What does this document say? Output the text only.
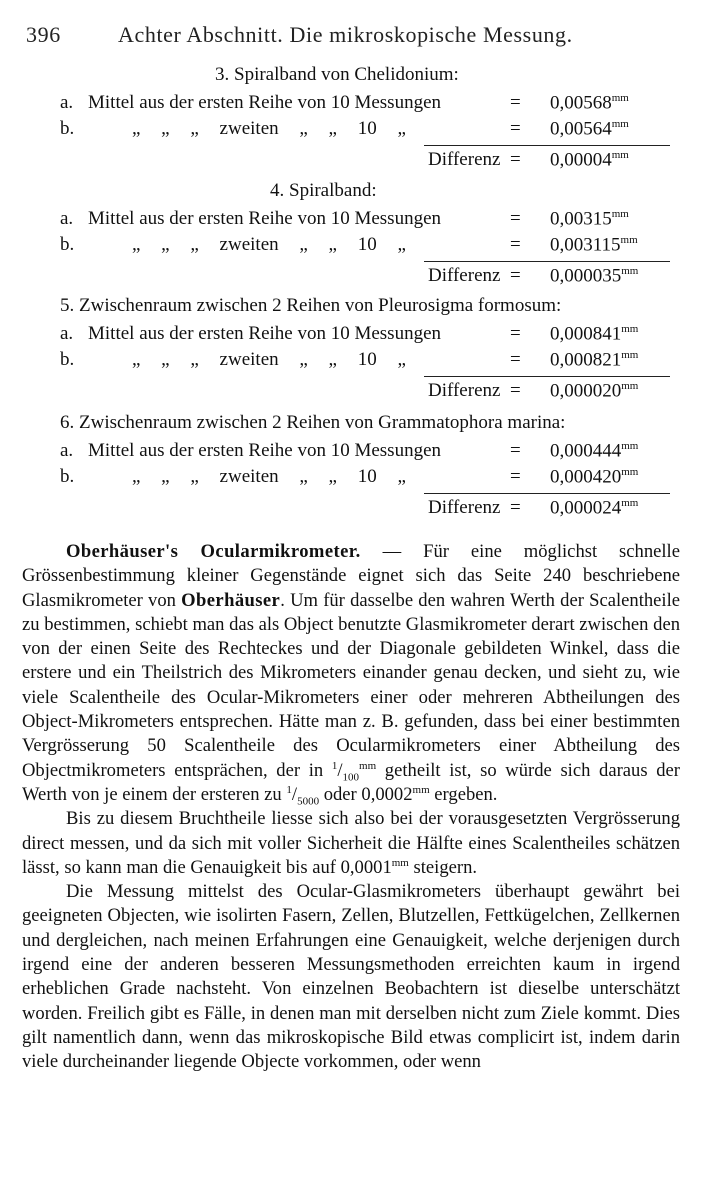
396	Achter Abschnitt. Die mikroskopische Messung.
3. Spiralband von Chelidonium:
a. Mittel aus der ersten Reihe von 10 Messungen	= $0,00568^{mm}$
b.	„ „ „ zweiten „ „ 10 „	= $0,00564^{mm}$
Differenz = $0,00004^{mm}$
4. Spiralband:
a. Mittel aus der ersten Reihe von 10 Messungen	= $0,00315^{mm}$
b.	„ „ „ zweiten „ „ 10 „	= $0,003115^{mm}$
Differenz = $0,000035^{mm}$
5. Zwischenraum zwischen 2 Reihen von Pleurosigma formosum:
a. Mittel aus der ersten Reihe von 10 Messungen	= $0,000841^{mm}$
b.	„ „ „ zweiten „ „ 10 „	= $0,000821^{mm}$
Differenz = $0,000020^{mm}$
6. Zwischenraum zwischen 2 Reihen von Grammatophora marina:
a. Mittel aus der ersten Reihe von 10 Messungen	= $0,000444^{mm}$
b.	„ „ „ zweiten „ „ 10 „	= $0,000420^{mm}$
Differenz = $0,000024^{mm}$

Oberhäuser's Ocularmikrometer. — Für eine möglichst schnelle Grössenbestimmung kleiner Gegenstände eignet sich das Seite 240 beschriebene Glasmikrometer von Oberhäuser. Um für dasselbe den wahren Werth der Scalentheile zu bestimmen, schiebt man das als Object benutzte Glasmikrometer derart zwischen den von der einen Seite des Rechteckes und der Diagonale gebildeten Winkel, dass die erstere und ein Theilstrich des Mikrometers einander genau decken, und sieht zu, wie viele Scalentheile des Ocular-Mikrometers einer oder mehreren Abtheilungen des Object-Mikrometers entsprechen. Hätte man z. B. gefunden, dass bei einer bestimmten Vergrösserung 50 Scalentheile des Ocularmikrometers einer Abtheilung des Objectmikrometers entsprächen, der in $^1/_{100}^{mm}$ getheilt ist, so würde sich daraus der Werth von je einem der ersteren zu $^1/_{5000}$ oder $0,0002^{mm}$ ergeben.

Bis zu diesem Bruchtheile liesse sich also bei der vorausgesetzten Vergrösserung direct messen, und da sich mit voller Sicherheit die Hälfte eines Scalentheiles schätzen lässt, so kann man die Genauigkeit bis auf $0,0001^{mm}$ steigern.

Die Messung mittelst des Ocular-Glasmikrometers überhaupt gewährt bei geeigneten Objecten, wie isolirten Fasern, Zellen, Blutzellen, Fettkügelchen, Zellkernen und dergleichen, nach meinen Erfahrungen eine Genauigkeit, welche derjenigen durch irgend eine der anderen besseren Messungsmethoden erreichten kaum in irgend erheblichen Grade nachsteht. Von einzelnen Beobachtern ist dieselbe unterschätzt worden. Freilich gibt es Fälle, in denen man mit derselben nicht zum Ziele kommt. Dies gilt namentlich dann, wenn das mikroskopische Bild etwas complicirt ist, indem darin viele durcheinander liegende Objecte vorkommen, oder wenn
